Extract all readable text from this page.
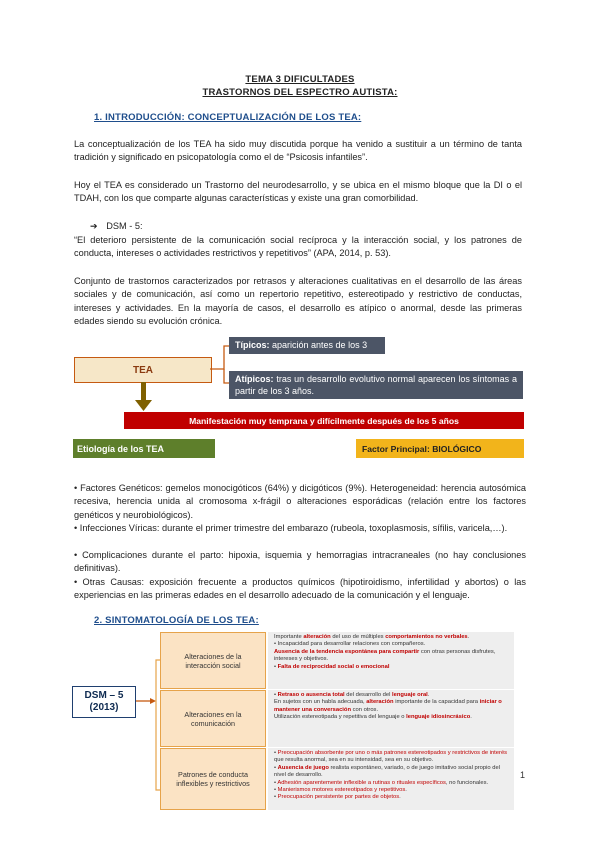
TEMA 3 DIFICULTADES
TRASTORNOS DEL ESPECTRO AUTISTA:
1. INTRODUCCIÓN: CONCEPTUALIZACIÓN DE LOS TEA:
La conceptualización de los TEA ha sido muy discutida porque ha venido a sustituir a un término de tanta tradición y significado en psicopatología como el de “Psicosis infantiles”.
Hoy el TEA es considerado un Trastorno del neurodesarrollo, y se ubica en el mismo bloque que la DI o el TDAH, con los que comparte algunas características y existe una gran comorbilidad.
➔ DSM - 5:
“El deterioro persistente de la comunicación social recíproca y la interacción social, y los patrones de conducta, intereses o actividades restrictivos y repetitivos” (APA, 2014, p. 53).
Conjunto de trastornos caracterizados por retrasos y alteraciones cualitativas en el desarrollo de las áreas sociales y de comunicación, así como un repertorio repetitivo, estereotipado y restrictivo de conductas, intereses y actividades. En la mayoría de casos, el desarrollo es atípico o anormal, desde las primeras edades siendo su evolución crónica.
TEA
Típicos: aparición antes de los 3 años.
Atípicos: tras un desarrollo evolutivo normal aparecen los síntomas a partir de los 3 años.
Manifestación muy temprana y difícilmente después de los 5 años
Etiología de los TEA	Factor Principal: BIOLÓGICO
• Factores Genéticos: gemelos monocigóticos (64%) y dicigóticos (9%). Heterogeneidad: herencia autosómica recesiva, herencia unida al cromosoma x-frágil o alteraciones esporádicas (relación entre los factores genéticos y neurobiológicos).
• Infecciones Víricas: durante el primer trimestre del embarazo (rubeola, toxoplasmosis, sífilis, varicela,…).
• Complicaciones durante el parto: hipoxia, isquemia y hemorragias intracraneales (no hay conclusiones definitivas).
• Otras Causas: exposición frecuente a productos químicos (hipotiroidismo, infertilidad y abortos) o las experiencias en las primeras edades en el desarrollo adecuado de la comunicación y el lenguaje.
2. SINTOMATOLOGÍA DE LOS TEA:
DSM – 5
(2013)
Alteraciones de la interacción social
Alteraciones en la comunicación
Patrones de conducta inflexibles y restrictivos
Importante alteración del uso de múltiples comportamientos no verbales.
• Incapacidad para desarrollar relaciones con compañeros.
Ausencia de la tendencia espontánea para compartir con otras personas disfrutes, intereses y objetivos.
• Falta de reciprocidad social o emocional
• Retraso o ausencia total del desarrollo del lenguaje oral.
En sujetos con un habla adecuada, alteración importante de la capacidad para iniciar o mantener una conversación con otros.
Utilización estereotipada y repetitiva del lenguaje o lenguaje idiosincrásico.
• Preocupación absorbente por uno o más patrones estereotipados y restrictivos de interés que resulta anormal, sea en su intensidad, sea en su objetivo.
• Ausencia de juego realista espontáneo, variado, o de juego imitativo social propio del nivel de desarrollo.
• Adhesión aparentemente inflexible a rutinas o rituales específicos, no funcionales.
• Manierismos motores estereotipados y repetitivos.
• Preocupación persistente por partes de objetos.
1
